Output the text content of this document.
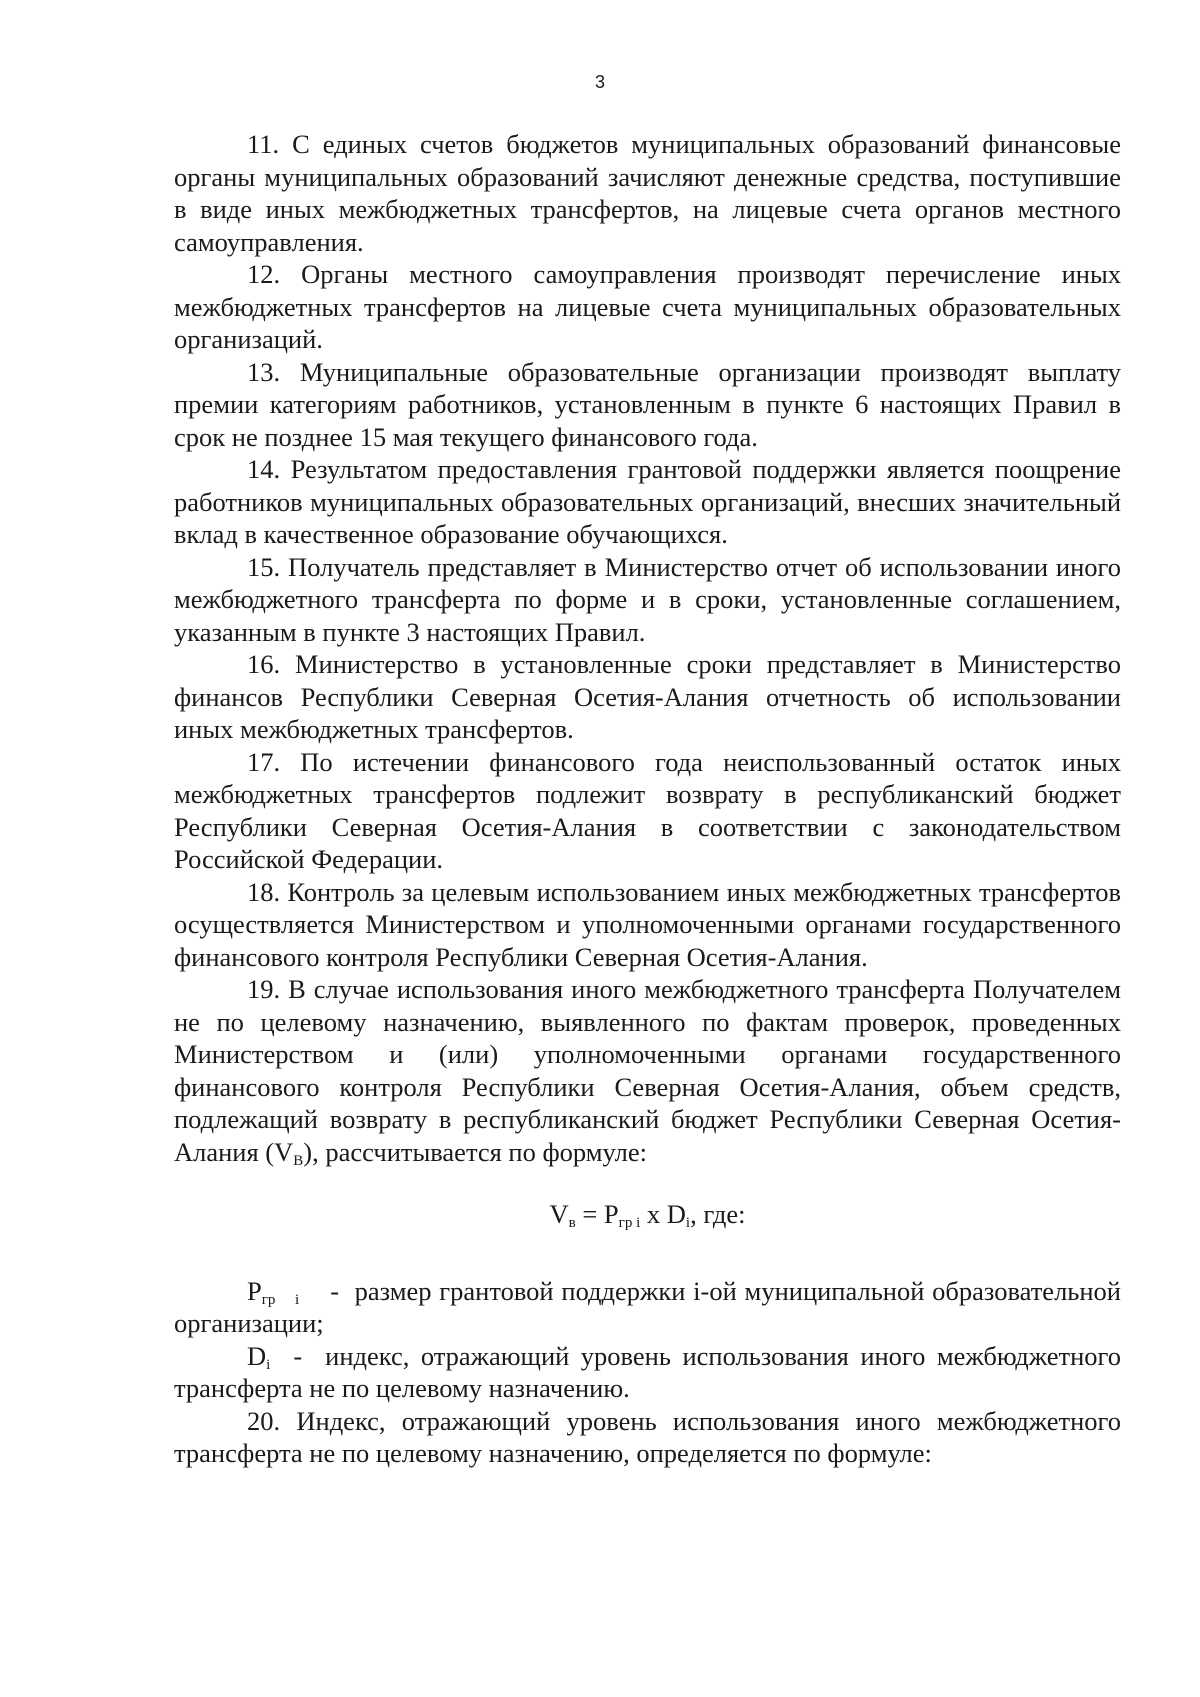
3

11. С единых счетов бюджетов муниципальных образований финансовые органы муниципальных образований зачисляют денежные средства, поступившие в виде иных межбюджетных трансфертов, на лицевые счета органов местного самоуправления.

12. Органы местного самоуправления производят перечисление иных межбюджетных трансфертов на лицевые счета муниципальных образовательных организаций.

13. Муниципальные образовательные организации производят выплату премии категориям работников, установленным в пункте 6 настоящих Правил в срок не позднее 15 мая текущего финансового года.

14. Результатом предоставления грантовой поддержки является поощрение работников муниципальных образовательных организаций, внесших значительный вклад в качественное образование обучающихся.

15. Получатель представляет в Министерство отчет об использовании иного межбюджетного трансферта по форме и в сроки, установленные соглашением, указанным в пункте 3 настоящих Правил.

16. Министерство в установленные сроки представляет в Министерство финансов Республики Северная Осетия-Алания отчетность об использовании иных межбюджетных трансфертов.

17. По истечении финансового года неиспользованный остаток иных межбюджетных трансфертов подлежит возврату в республиканский бюджет Республики Северная Осетия-Алания в соответствии с законодательством Российской Федерации.

18. Контроль за целевым использованием иных межбюджетных трансфертов осуществляется Министерством и уполномоченными органами государственного финансового контроля Республики Северная Осетия-Алания.

19. В случае использования иного межбюджетного трансферта Получателем не по целевому назначению, выявленного по фактам проверок, проведенных Министерством и (или) уполномоченными органами государственного финансового контроля Республики Северная Осетия-Алания, объем средств, подлежащий возврату в республиканский бюджет Республики Северная Осетия-Алания $(V_В)$, рассчитывается по формуле:

$V_в = P_{гр i}$ x $D_i$, где:

$P_{гр i}$    -  размер грантовой поддержки i-ой муниципальной образовательной организации;

$D_i$  -  индекс, отражающий уровень использования иного межбюджетного трансферта не по целевому назначению.

20. Индекс, отражающий уровень использования иного межбюджетного трансферта не по целевому назначению, определяется по формуле:
